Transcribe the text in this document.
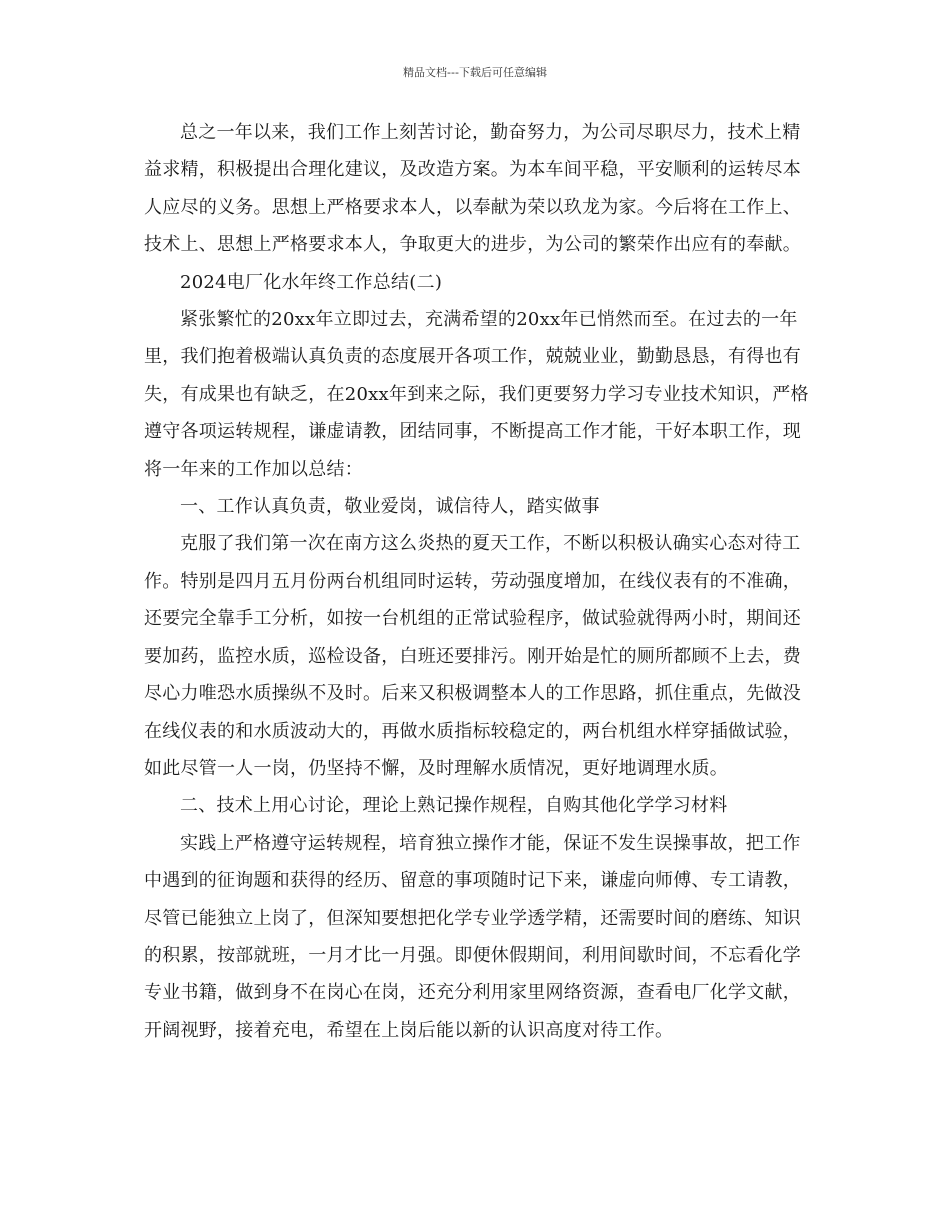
精品文档---下载后可任意编辑

总之一年以来，我们工作上刻苦讨论，勤奋努力，为公司尽职尽力，技术上精益求精，积极提出合理化建议，及改造方案。为本车间平稳，平安顺利的运转尽本人应尽的义务。思想上严格要求本人，以奉献为荣以玖龙为家。今后将在工作上、技术上、思想上严格要求本人，争取更大的进步，为公司的繁荣作出应有的奉献。

2024电厂化水年终工作总结(二)

紧张繁忙的20xx年立即过去，充满希望的20xx年已悄然而至。在过去的一年里，我们抱着极端认真负责的态度展开各项工作，兢兢业业，勤勤恳恳，有得也有失，有成果也有缺乏，在20xx年到来之际，我们更要努力学习专业技术知识，严格遵守各项运转规程，谦虚请教，团结同事，不断提高工作才能，干好本职工作，现将一年来的工作加以总结：

一、工作认真负责，敬业爱岗，诚信待人，踏实做事

克服了我们第一次在南方这么炎热的夏天工作，不断以积极认确实心态对待工作。特别是四月五月份两台机组同时运转，劳动强度增加，在线仪表有的不准确，还要完全靠手工分析，如按一台机组的正常试验程序，做试验就得两小时，期间还要加药，监控水质，巡检设备，白班还要排污。刚开始是忙的厕所都顾不上去，费尽心力唯恐水质操纵不及时。后来又积极调整本人的工作思路，抓住重点，先做没在线仪表的和水质波动大的，再做水质指标较稳定的，两台机组水样穿插做试验，如此尽管一人一岗，仍坚持不懈，及时理解水质情况，更好地调理水质。

二、技术上用心讨论，理论上熟记操作规程，自购其他化学学习材料

实践上严格遵守运转规程，培育独立操作才能，保证不发生误操事故，把工作中遇到的征询题和获得的经历、留意的事项随时记下来，谦虚向师傅、专工请教，尽管已能独立上岗了，但深知要想把化学专业学透学精，还需要时间的磨练、知识的积累，按部就班，一月才比一月强。即便休假期间，利用间歇时间，不忘看化学专业书籍，做到身不在岗心在岗，还充分利用家里网络资源，查看电厂化学文献，开阔视野，接着充电，希望在上岗后能以新的认识高度对待工作。
